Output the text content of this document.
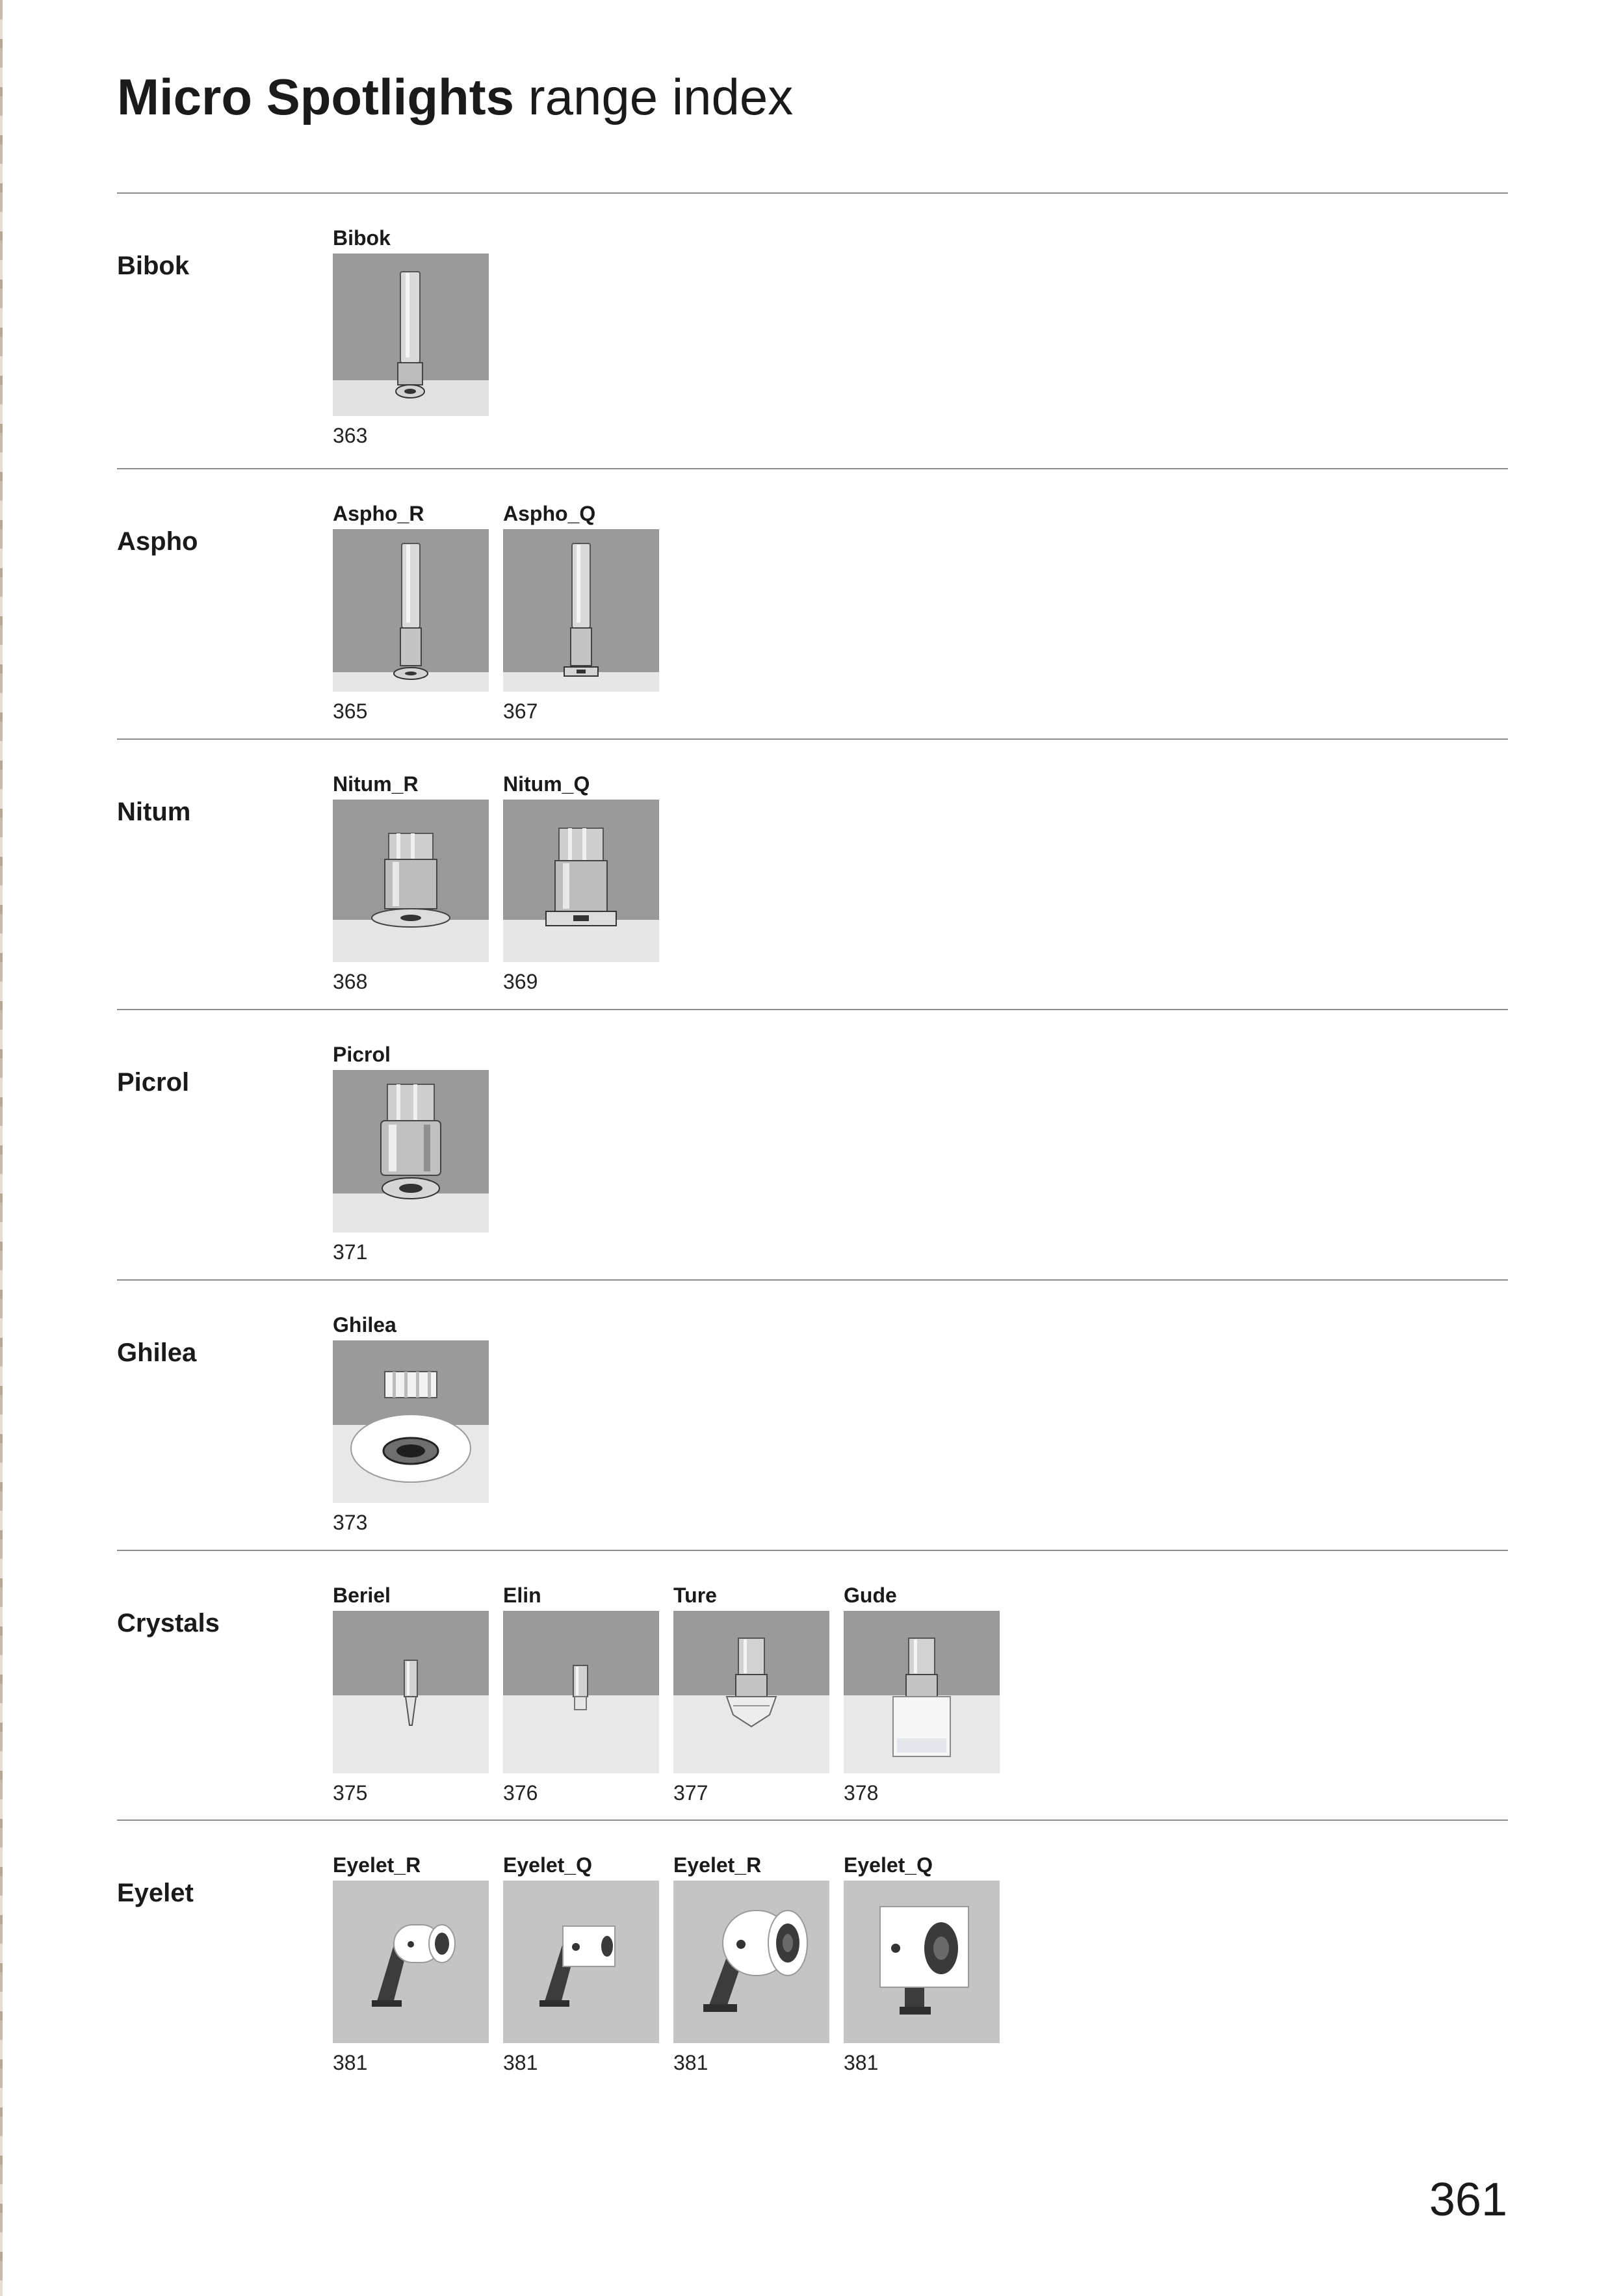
Micro Spotlights range index
Bibok
Bibok
363
Aspho
Aspho_R
365
Aspho_Q
367
Nitum
Nitum_R
368
Nitum_Q
369
Picrol
Picrol
371
Ghilea
Ghilea
373
Crystals
Beriel
375
Elin
376
Ture
377
Gude
378
Eyelet
Eyelet_R
381
Eyelet_Q
381
Eyelet_R
381
Eyelet_Q
381
361
